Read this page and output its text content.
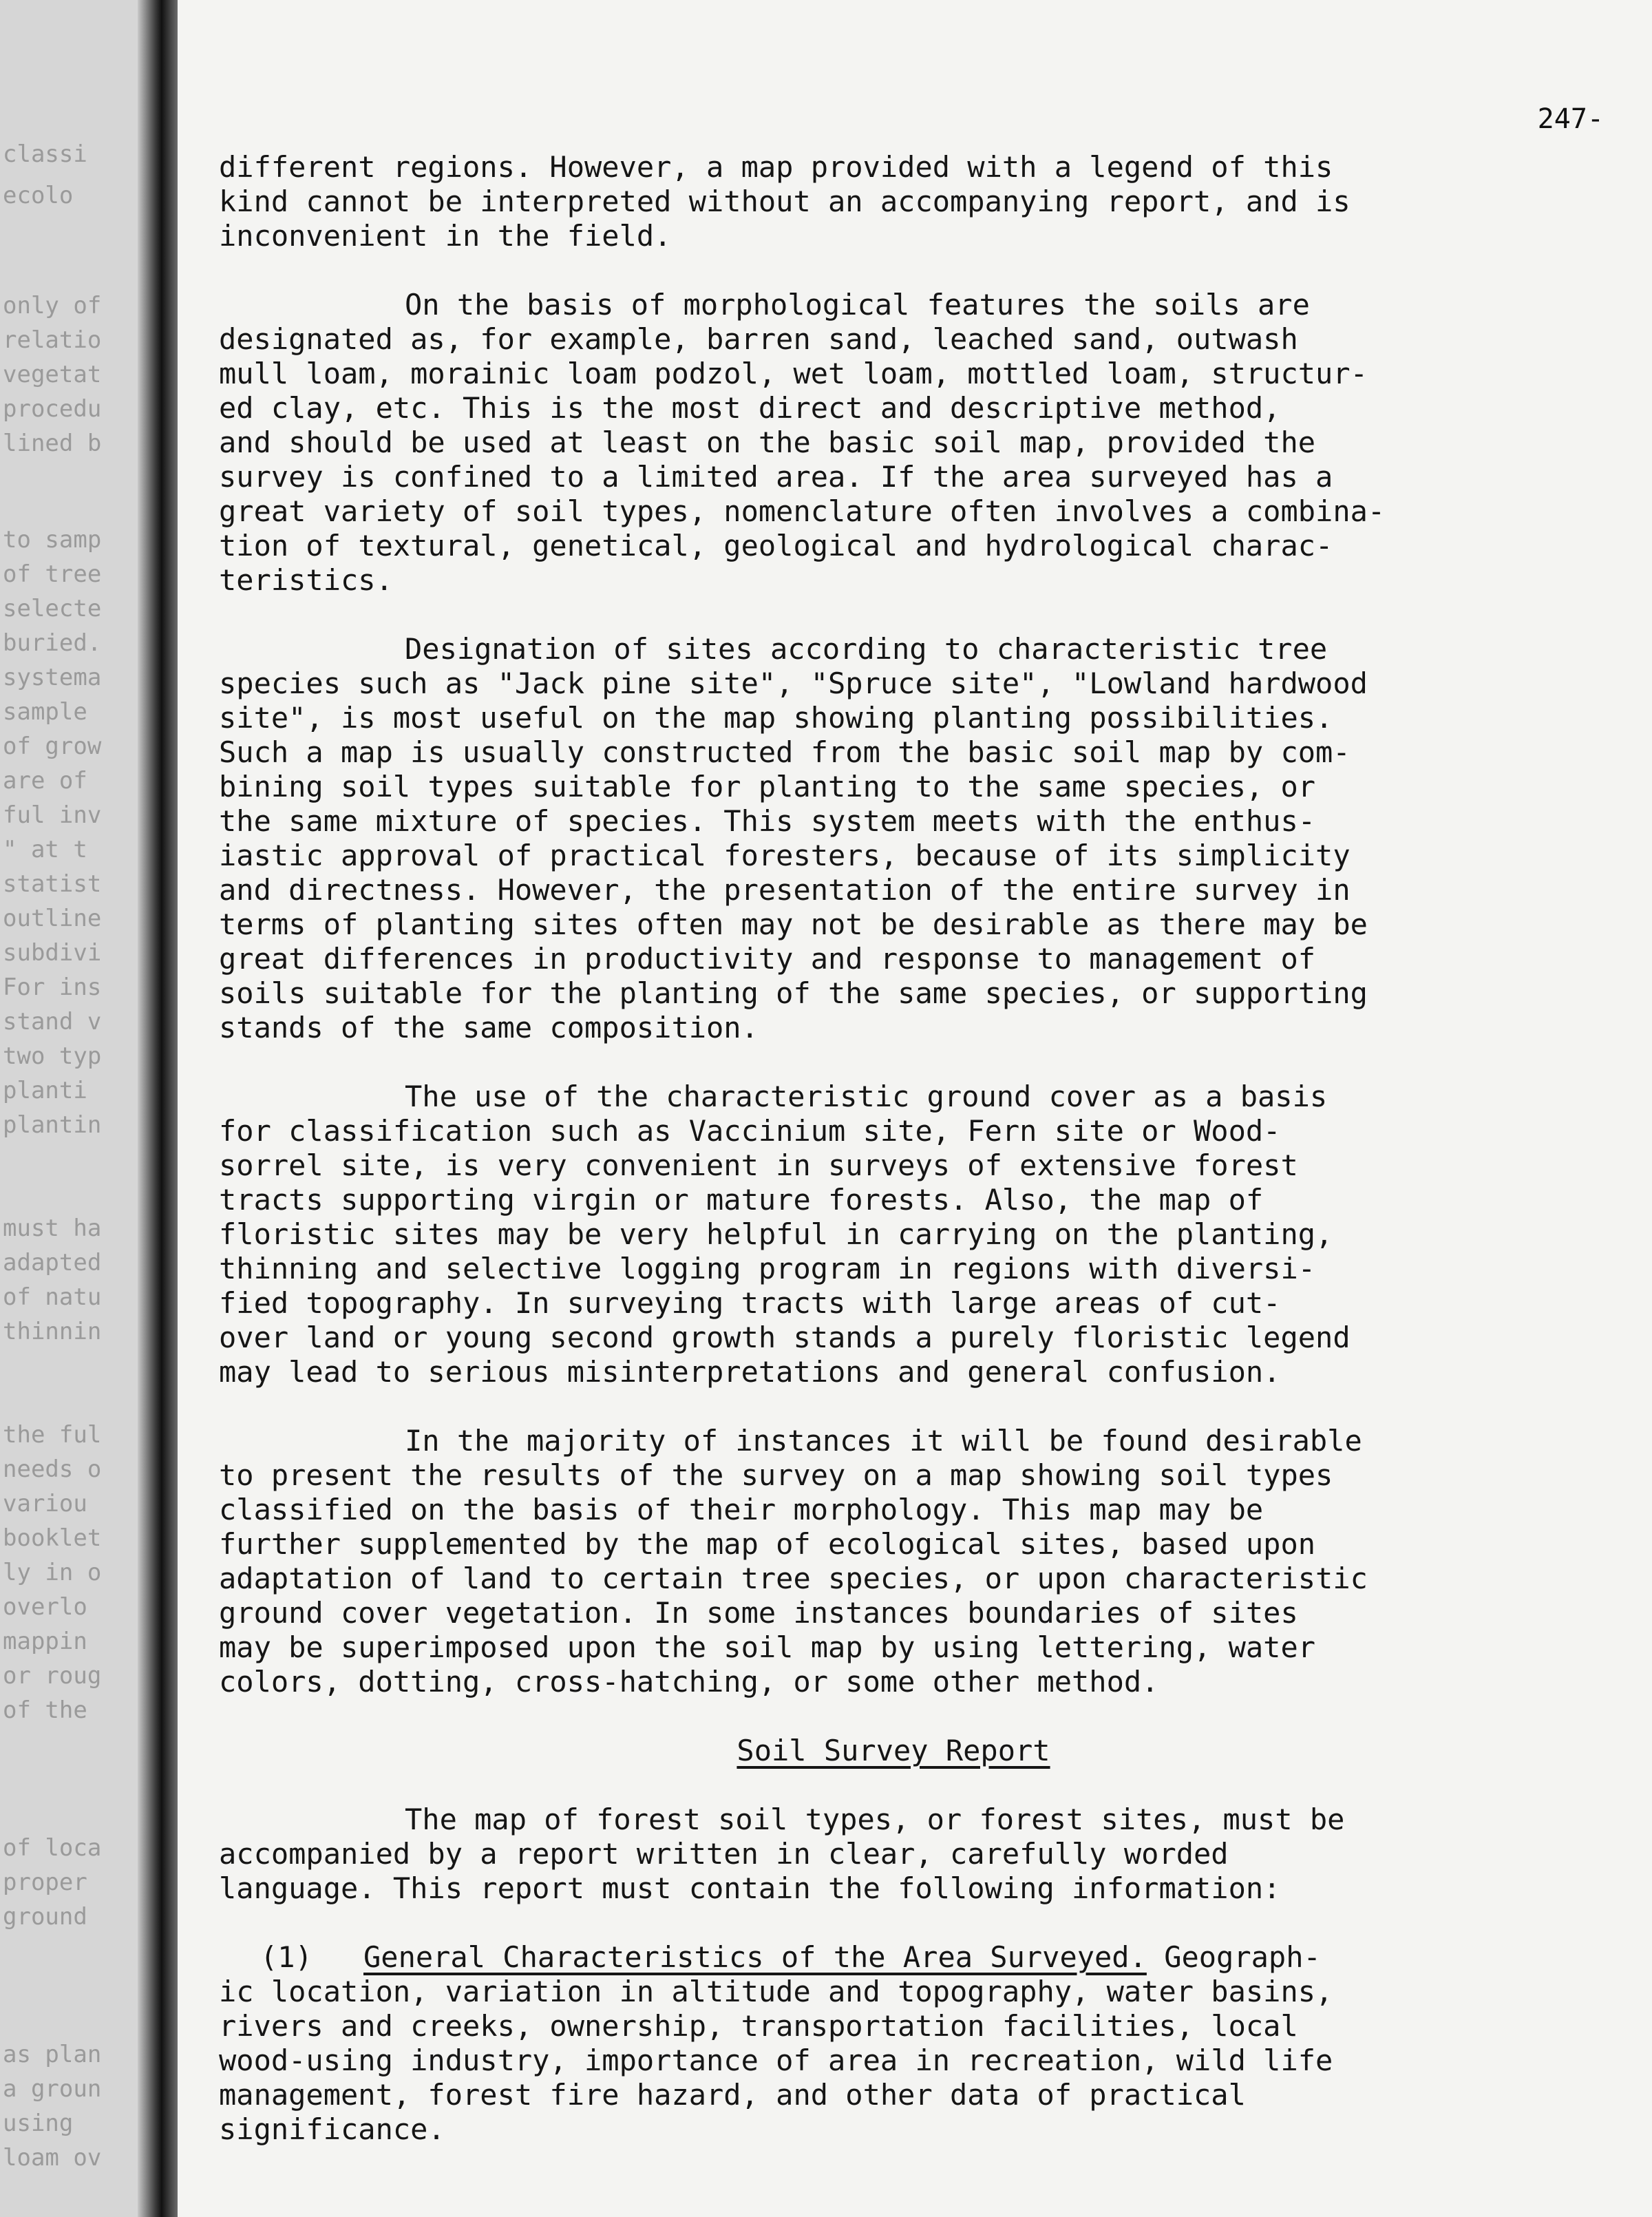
classi
ecolo
only of
relatio
vegetat
procedu
lined b
to samp
of tree
selecte
buried.
systema
sample
of grow
are of
ful inv
" at t
statist
outline
subdivi
For ins
stand v
two typ
planti
plantin
must ha
adapted
of natu
thinnin
the ful
needs o
variou
booklet
ly in o
overlo
mappin
or roug
of the
of loca
proper
ground
as plan
a groun
using
loam ov
247-
different regions. However, a map provided with a legend of this
kind cannot be interpreted without an accompanying report, and is
inconvenient in the field.
On the basis of morphological features the soils are
designated as, for example, barren sand, leached sand, outwash
mull loam, morainic loam podzol, wet loam, mottled loam, structur-
ed clay, etc. This is the most direct and descriptive method,
and should be used at least on the basic soil map, provided the
survey is confined to a limited area. If the area surveyed has a
great variety of soil types, nomenclature often involves a combina-
tion of textural, genetical, geological and hydrological charac-
teristics.
Designation of sites according to characteristic tree
species such as "Jack pine site", "Spruce site", "Lowland hardwood
site", is most useful on the map showing planting possibilities.
Such a map is usually constructed from the basic soil map by com-
bining soil types suitable for planting to the same species, or
the same mixture of species. This system meets with the enthus-
iastic approval of practical foresters, because of its simplicity
and directness. However, the presentation of the entire survey in
terms of planting sites often may not be desirable as there may be
great differences in productivity and response to management of
soils suitable for the planting of the same species, or supporting
stands of the same composition.
The use of the characteristic ground cover as a basis
for classification such as Vaccinium site, Fern site or Wood-
sorrel site, is very convenient in surveys of extensive forest
tracts supporting virgin or mature forests. Also, the map of
floristic sites may be very helpful in carrying on the planting,
thinning and selective logging program in regions with diversi-
fied topography. In surveying tracts with large areas of cut-
over land or young second growth stands a purely floristic legend
may lead to serious misinterpretations and general confusion.
In the majority of instances it will be found desirable
to present the results of the survey on a map showing soil types
classified on the basis of their morphology. This map may be
further supplemented by the map of ecological sites, based upon
adaptation of land to certain tree species, or upon characteristic
ground cover vegetation. In some instances boundaries of sites
may be superimposed upon the soil map by using lettering, water
colors, dotting, cross-hatching, or some other method.
Soil Survey Report
The map of forest soil types, or forest sites, must be
accompanied by a report written in clear, carefully worded
language. This report must contain the following information:
(1) General Characteristics of the Area Surveyed. Geograph-
ic location, variation in altitude and topography, water basins,
rivers and creeks, ownership, transportation facilities, local
wood-using industry, importance of area in recreation, wild life
management, forest fire hazard, and other data of practical
significance.
